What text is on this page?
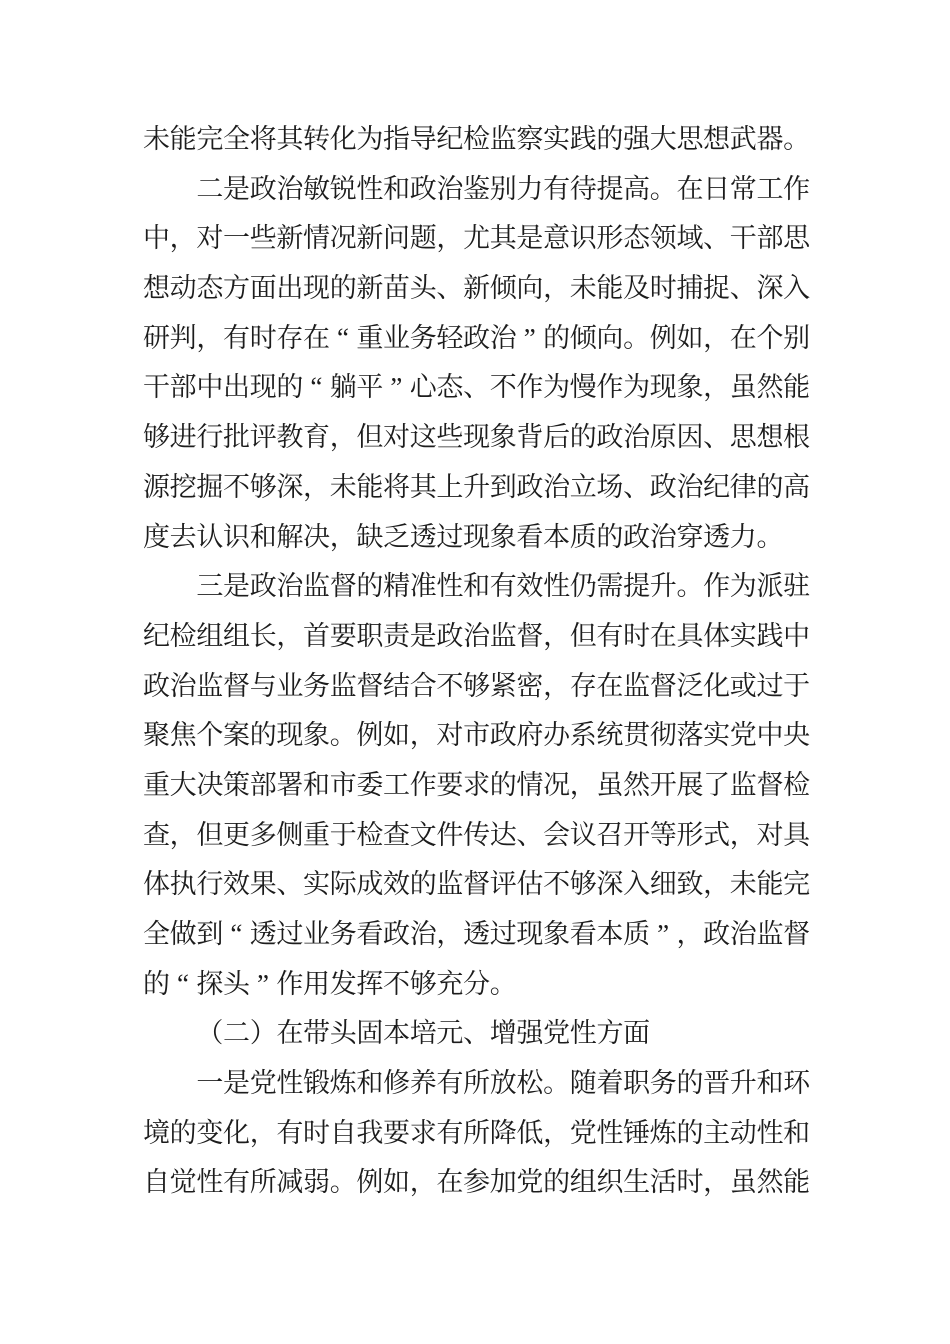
未 能 完 全 将 其 转 化 为 指 导 纪 检 监 察 实 践 的 强 大 思 想 武 器 。
二 是 政 治 敏 锐 性 和 政 治 鉴 别 力 有 待 提 高 。 在 日 常 工 作
中 ， 对 一 些 新 情 况 新 问 题 ， 尤 其 是 意 识 形 态 领 域 、 干 部 思
想 动 态 方 面 出 现 的 新 苗 头 、 新 倾 向 ， 未 能 及 时 捕 捉 、 深 入
研 判 ， 有 时 存 在 “ 重 业 务 轻 政 治 ” 的 倾 向 。 例 如 ， 在 个 别
干 部 中 出 现 的 “ 躺 平 ” 心 态 、 不 作 为 慢 作 为 现 象 ， 虽 然 能
够 进 行 批 评 教 育 ， 但 对 这 些 现 象 背 后 的 政 治 原 因 、 思 想 根
源 挖 掘 不 够 深 ， 未 能 将 其 上 升 到 政 治 立 场 、 政 治 纪 律 的 高
度 去 认 识 和 解 决 ， 缺 乏 透 过 现 象 看 本 质 的 政 治 穿 透 力 。
三 是 政 治 监 督 的 精 准 性 和 有 效 性 仍 需 提 升 。 作 为 派 驻
纪 检 组 组 长 ， 首 要 职 责 是 政 治 监 督 ， 但 有 时 在 具 体 实 践 中
政 治 监 督 与 业 务 监 督 结 合 不 够 紧 密 ， 存 在 监 督 泛 化 或 过 于
聚 焦 个 案 的 现 象 。 例 如 ， 对 市 政 府 办 系 统 贯 彻 落 实 党 中 央
重 大 决 策 部 署 和 市 委 工 作 要 求 的 情 况 ， 虽 然 开 展 了 监 督 检
查 ， 但 更 多 侧 重 于 检 查 文 件 传 达 、 会 议 召 开 等 形 式 ， 对 具
体 执 行 效 果 、 实 际 成 效 的 监 督 评 估 不 够 深 入 细 致 ， 未 能 完
全 做 到 “ 透 过 业 务 看 政 治 ， 透 过 现 象 看 本 质 ” ， 政 治 监 督
的 “ 探 头 ” 作 用 发 挥 不 够 充 分 。
（ 二 ） 在 带 头 固 本 培 元 、 增 强 党 性 方 面
一 是 党 性 锻 炼 和 修 养 有 所 放 松 。 随 着 职 务 的 晋 升 和 环
境 的 变 化 ， 有 时 自 我 要 求 有 所 降 低 ， 党 性 锤 炼 的 主 动 性 和
自 觉 性 有 所 减 弱 。 例 如 ， 在 参 加 党 的 组 织 生 活 时 ， 虽 然 能
